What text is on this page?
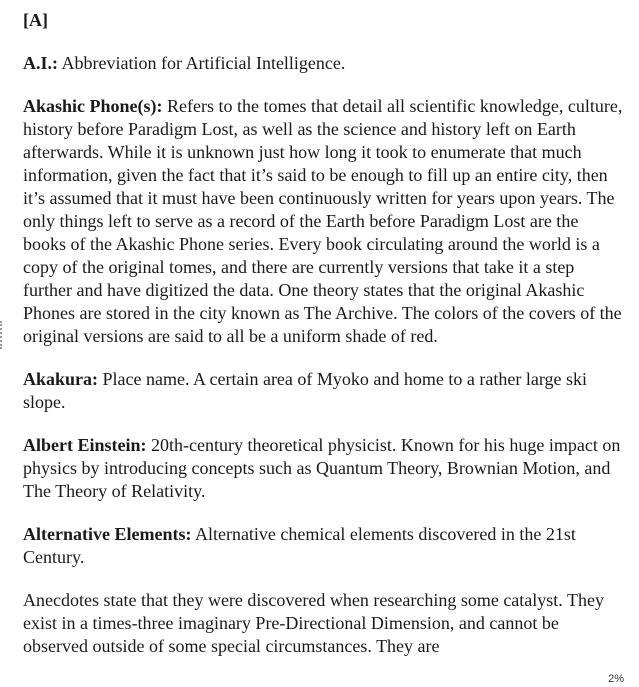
[A]

A.I.: Abbreviation for Artificial Intelligence.

Akashic Phone(s): Refers to the tomes that detail all scientific knowledge, culture, history before Paradigm Lost, as well as the science and history left on Earth afterwards. While it is unknown just how long it took to enumerate that much information, given the fact that it’s said to be enough to fill up an entire city, then it’s assumed that it must have been continuously written for years upon years. The only things left to serve as a record of the Earth before Paradigm Lost are the books of the Akashic Phone series. Every book circulating around the world is a copy of the original tomes, and there are currently versions that take it a step further and have digitized the data. One theory states that the original Akashic Phones are stored in the city known as The Archive. The colors of the covers of the original versions are said to all be a uniform shade of red.

Akakura: Place name. A certain area of Myoko and home to a rather large ski slope.

Albert Einstein: 20th-century theoretical physicist. Known for his huge impact on physics by introducing concepts such as Quantum Theory, Brownian Motion, and The Theory of Relativity.

Alternative Elements: Alternative chemical elements discovered in the 21st Century.

Anecdotes state that they were discovered when researching some catalyst. They exist in a times-three imaginary Pre-Directional Dimension, and cannot be observed outside of some special circumstances. They are

2%
